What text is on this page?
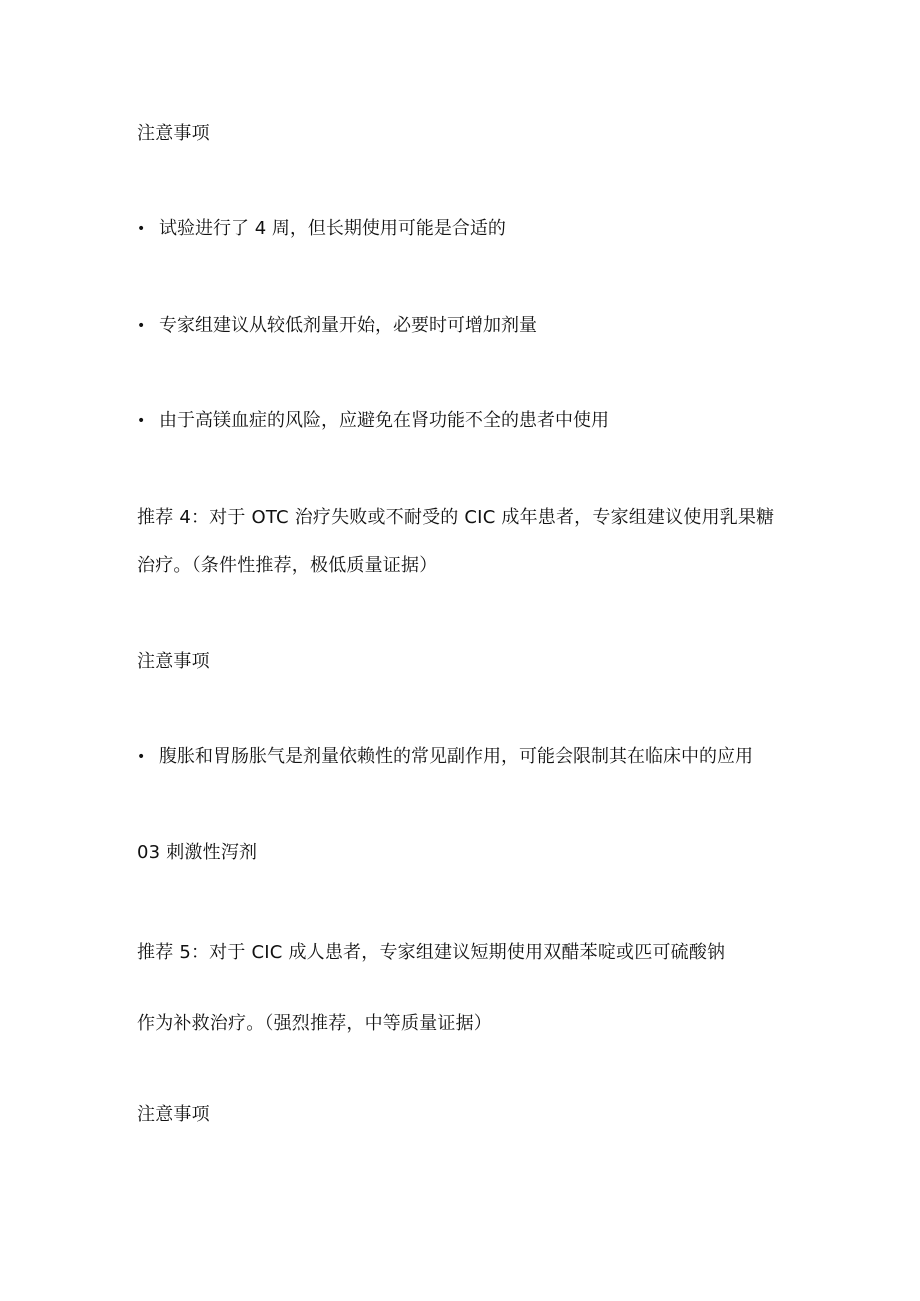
注意事项
• 试验进行了 4 周，但长期使用可能是合适的
• 专家组建议从较低剂量开始，必要时可增加剂量
• 由于高镁血症的风险，应避免在肾功能不全的患者中使用
推荐 4：对于 OTC 治疗失败或不耐受的 CIC 成年患者，专家组建议使用乳果糖
治疗。（条件性推荐，极低质量证据）
注意事项
• 腹胀和胃肠胀气是剂量依赖性的常见副作用，可能会限制其在临床中的应用
03 刺激性泻剂
推荐 5：对于 CIC 成人患者，专家组建议短期使用双醋苯啶或匹可硫酸钠
作为补救治疗。（强烈推荐，中等质量证据）
注意事项
